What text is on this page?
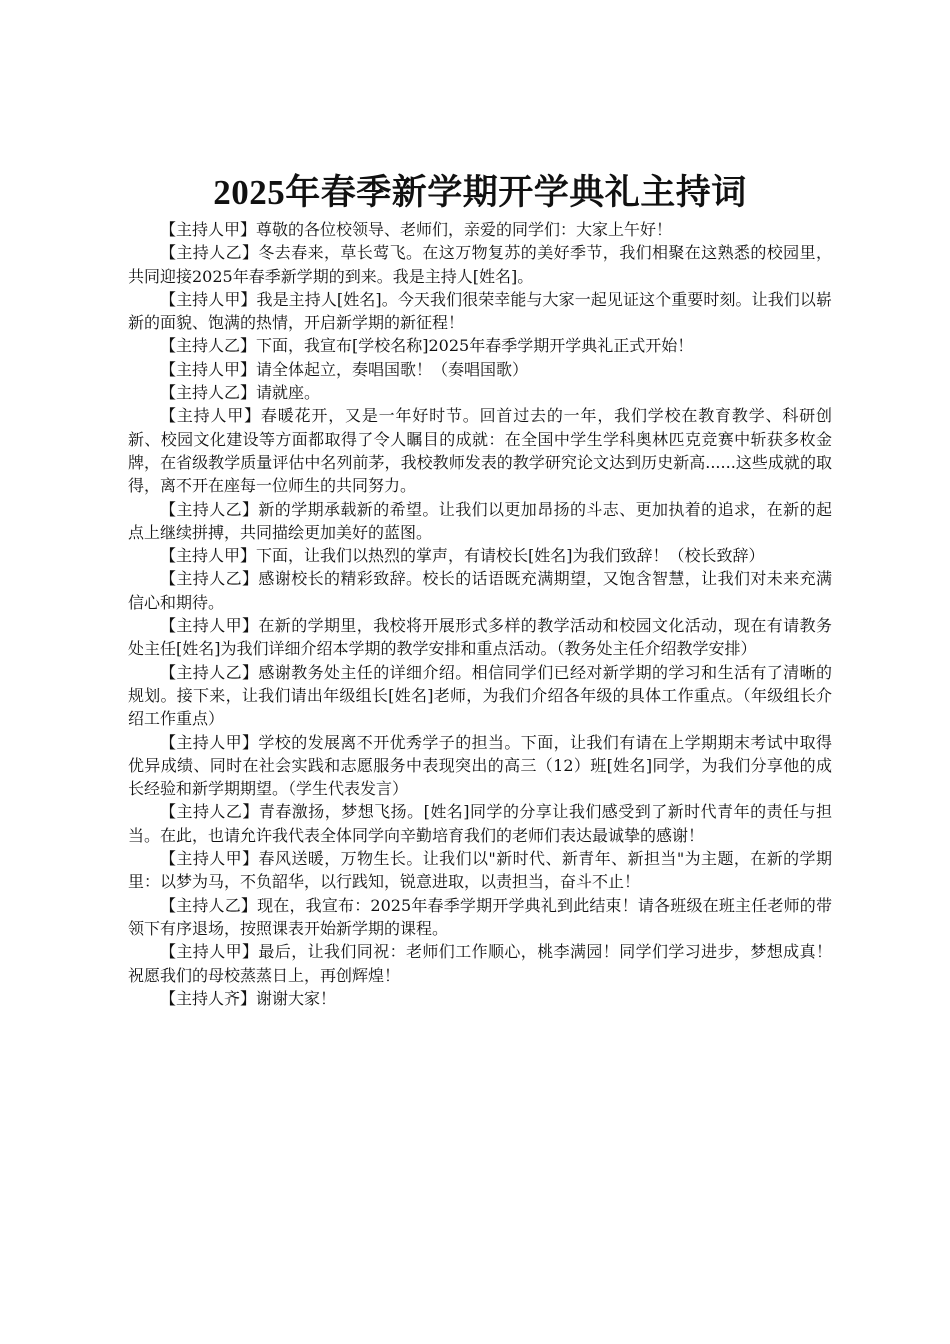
2025年春季新学期开学典礼主持词

【主持人甲】尊敬的各位校领导、老师们，亲爱的同学们：大家上午好！

【主持人乙】冬去春来，草长莺飞。在这万物复苏的美好季节，我们相聚在这熟悉的校园里，共同迎接2025年春季新学期的到来。我是主持人[姓名]。

【主持人甲】我是主持人[姓名]。今天我们很荣幸能与大家一起见证这个重要时刻。让我们以崭新的面貌、饱满的热情，开启新学期的新征程！

【主持人乙】下面，我宣布[学校名称]2025年春季学期开学典礼正式开始！

【主持人甲】请全体起立，奏唱国歌！（奏唱国歌）

【主持人乙】请就座。

【主持人甲】春暖花开，又是一年好时节。回首过去的一年，我们学校在教育教学、科研创新、校园文化建设等方面都取得了令人瞩目的成就：在全国中学生学科奥林匹克竞赛中斩获多枚金牌，在省级教学质量评估中名列前茅，我校教师发表的教学研究论文达到历史新高......这些成就的取得，离不开在座每一位师生的共同努力。

【主持人乙】新的学期承载新的希望。让我们以更加昂扬的斗志、更加执着的追求，在新的起点上继续拼搏，共同描绘更加美好的蓝图。

【主持人甲】下面，让我们以热烈的掌声，有请校长[姓名]为我们致辞！（校长致辞）

【主持人乙】感谢校长的精彩致辞。校长的话语既充满期望，又饱含智慧，让我们对未来充满信心和期待。

【主持人甲】在新的学期里，我校将开展形式多样的教学活动和校园文化活动，现在有请教务处主任[姓名]为我们详细介绍本学期的教学安排和重点活动。（教务处主任介绍教学安排）

【主持人乙】感谢教务处主任的详细介绍。相信同学们已经对新学期的学习和生活有了清晰的规划。接下来，让我们请出年级组长[姓名]老师，为我们介绍各年级的具体工作重点。（年级组长介绍工作重点）

【主持人甲】学校的发展离不开优秀学子的担当。下面，让我们有请在上学期期末考试中取得优异成绩、同时在社会实践和志愿服务中表现突出的高三（12）班[姓名]同学，为我们分享他的成长经验和新学期期望。（学生代表发言）

【主持人乙】青春激扬，梦想飞扬。[姓名]同学的分享让我们感受到了新时代青年的责任与担当。在此，也请允许我代表全体同学向辛勤培育我们的老师们表达最诚挚的感谢！

【主持人甲】春风送暖，万物生长。让我们以"新时代、新青年、新担当"为主题，在新的学期里：以梦为马，不负韶华，以行践知，锐意进取，以责担当，奋斗不止！

【主持人乙】现在，我宣布：2025年春季学期开学典礼到此结束！请各班级在班主任老师的带领下有序退场，按照课表开始新学期的课程。

【主持人甲】最后，让我们同祝：老师们工作顺心，桃李满园！同学们学习进步，梦想成真！祝愿我们的母校蒸蒸日上，再创辉煌！

【主持人齐】谢谢大家！
